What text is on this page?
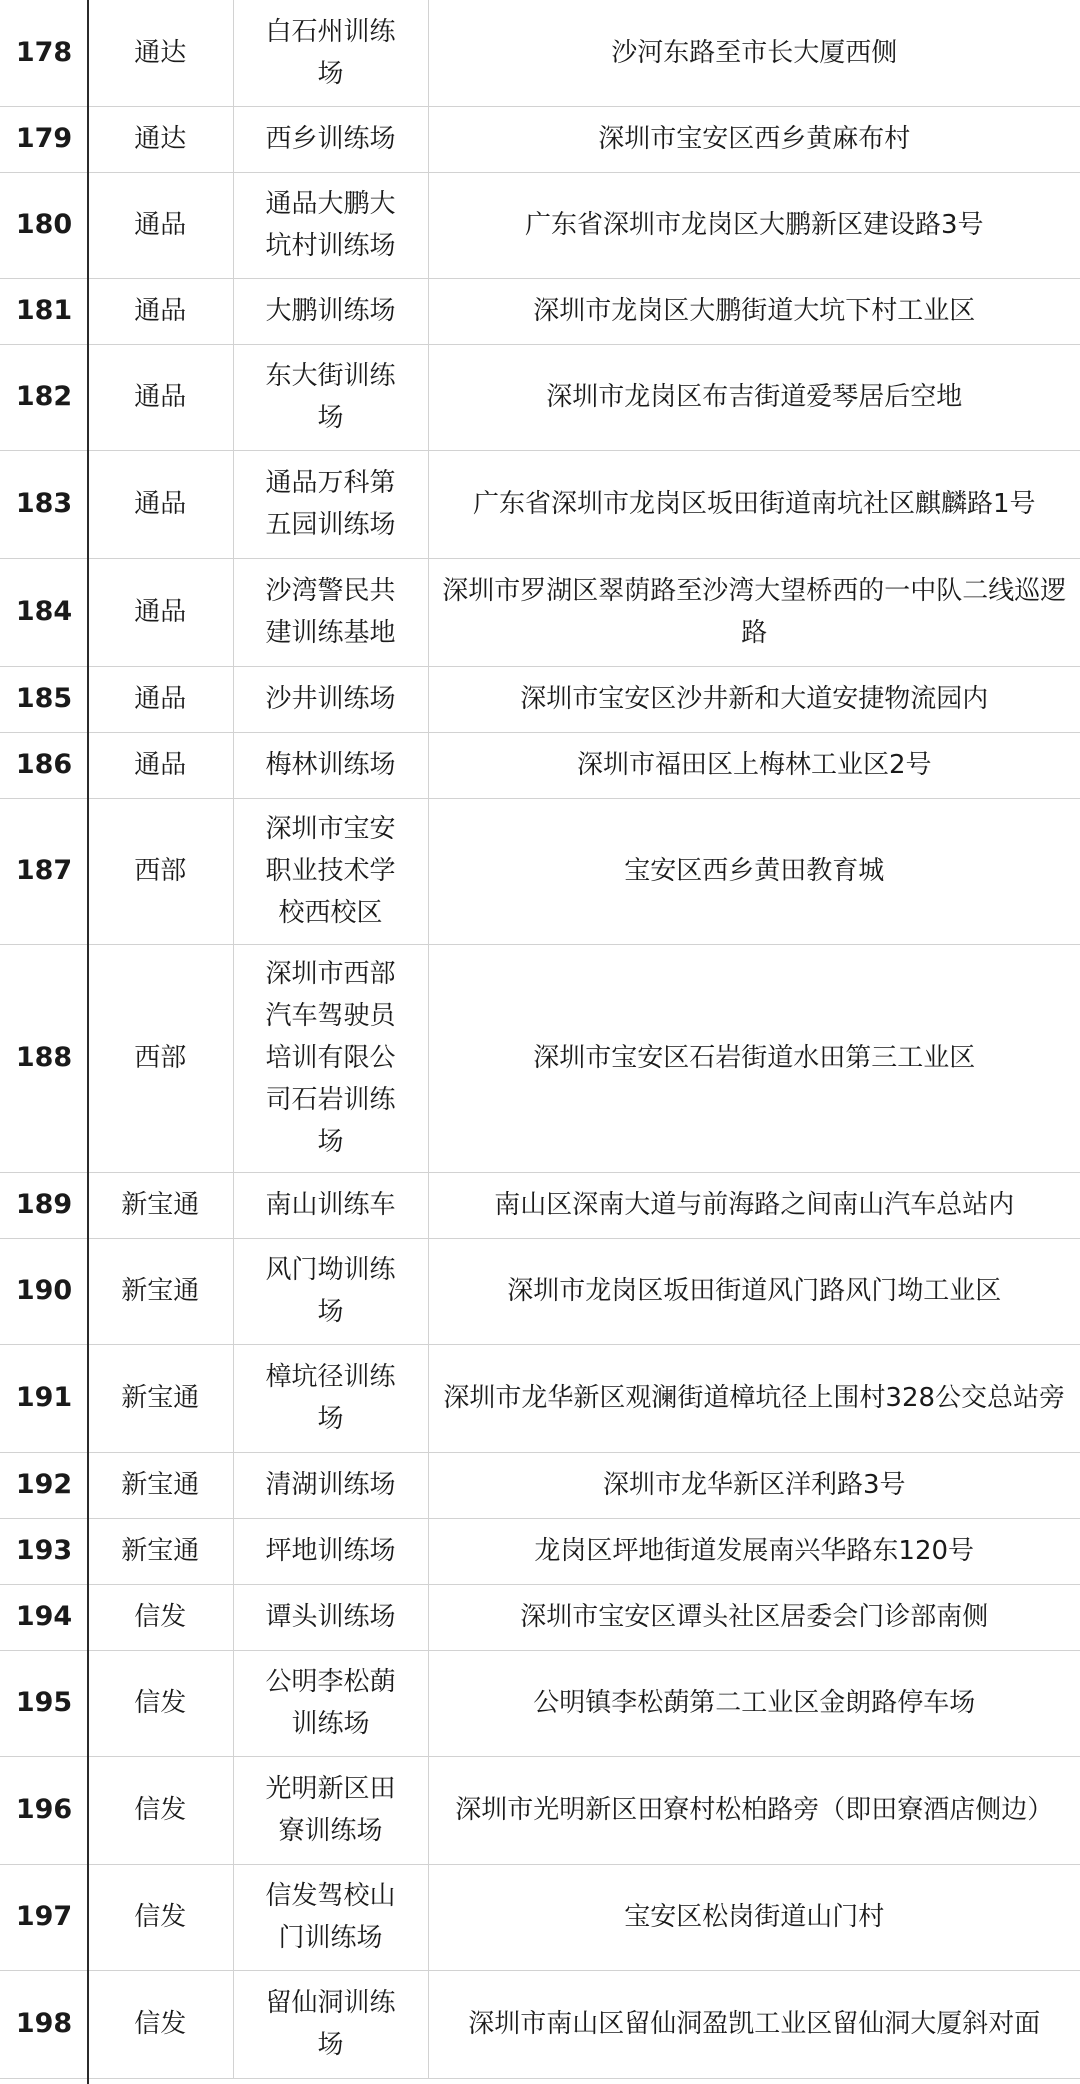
178	通达	白石州训练场	沙河东路至市长大厦西侧
179	通达	西乡训练场	深圳市宝安区西乡黄麻布村
180	通品	通品大鹏大坑村训练场	广东省深圳市龙岗区大鹏新区建设路3号
181	通品	大鹏训练场	深圳市龙岗区大鹏街道大坑下村工业区
182	通品	东大街训练场	深圳市龙岗区布吉街道爱琴居后空地
183	通品	通品万科第五园训练场	广东省深圳市龙岗区坂田街道南坑社区麒麟路1号
184	通品	沙湾警民共建训练基地	深圳市罗湖区翠荫路至沙湾大望桥西的一中队二线巡逻路
185	通品	沙井训练场	深圳市宝安区沙井新和大道安捷物流园内
186	通品	梅林训练场	深圳市福田区上梅林工业区2号
187	西部	深圳市宝安职业技术学校西校区	宝安区西乡黄田教育城
188	西部	深圳市西部汽车驾驶员培训有限公司石岩训练场	深圳市宝安区石岩街道水田第三工业区
189	新宝通	南山训练车	南山区深南大道与前海路之间南山汽车总站内
190	新宝通	风门坳训练场	深圳市龙岗区坂田街道风门路风门坳工业区
191	新宝通	樟坑径训练场	深圳市龙华新区观澜街道樟坑径上围村328公交总站旁
192	新宝通	清湖训练场	深圳市龙华新区洋利路3号
193	新宝通	坪地训练场	龙岗区坪地街道发展南兴华路东120号
194	信发	谭头训练场	深圳市宝安区谭头社区居委会门诊部南侧
195	信发	公明李松蓢训练场	公明镇李松蓢第二工业区金朗路停车场
196	信发	光明新区田寮训练场	深圳市光明新区田寮村松柏路旁（即田寮酒店侧边）
197	信发	信发驾校山门训练场	宝安区松岗街道山门村
198	信发	留仙洞训练场	深圳市南山区留仙洞盈凯工业区留仙洞大厦斜对面
